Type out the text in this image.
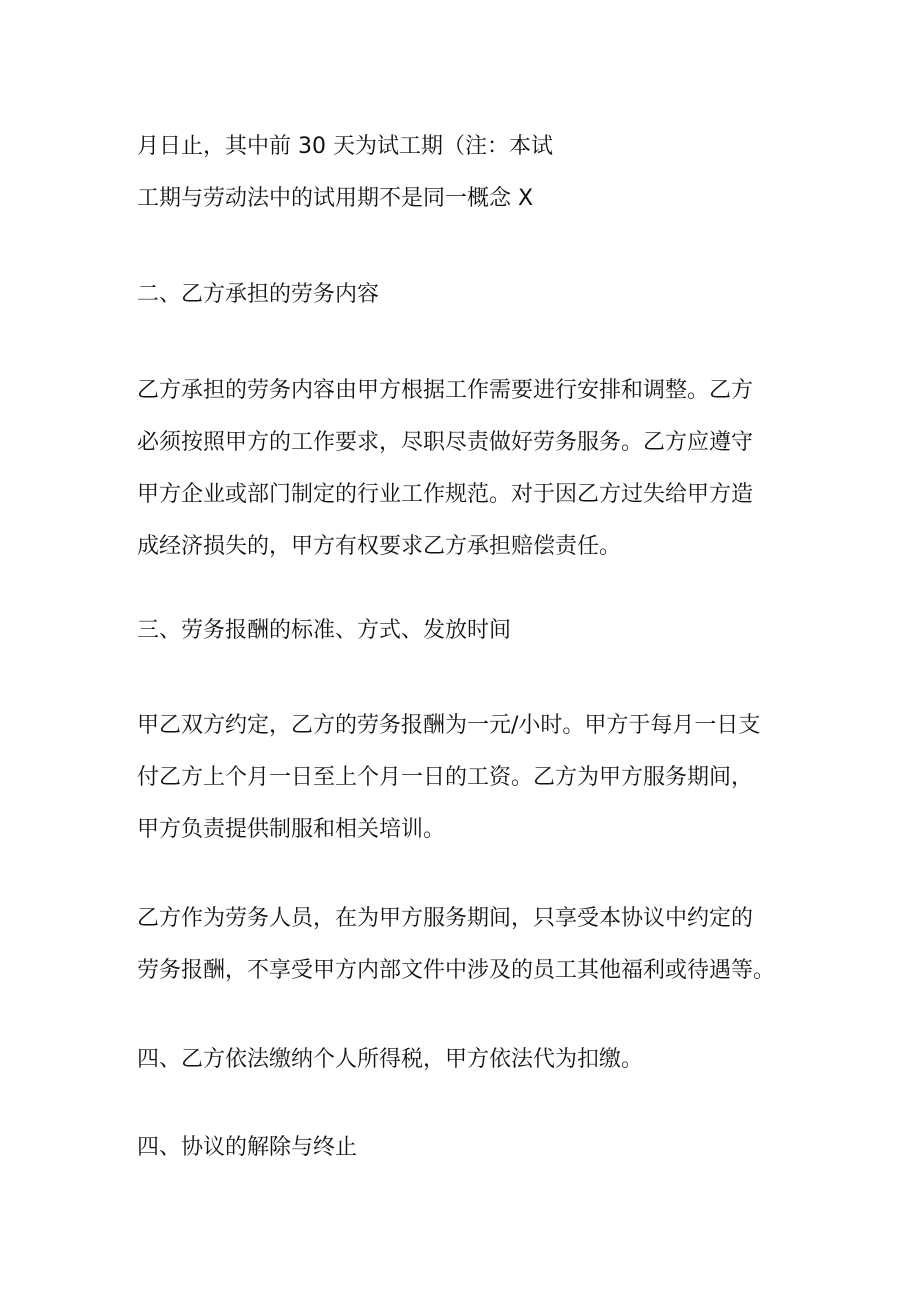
月日止，其中前 30 天为试工期（注：本试
工期与劳动法中的试用期不是同一概念 X
二、乙方承担的劳务内容
乙方承担的劳务内容由甲方根据工作需要进行安排和调整。乙方
必须按照甲方的工作要求，尽职尽责做好劳务服务。乙方应遵守
甲方企业或部门制定的行业工作规范。对于因乙方过失给甲方造
成经济损失的，甲方有权要求乙方承担赔偿责任。
三、劳务报酬的标准、方式、发放时间
甲乙双方约定，乙方的劳务报酬为一元/小时。甲方于每月一日支
付乙方上个月一日至上个月一日的工资。乙方为甲方服务期间，
甲方负责提供制服和相关培训。
乙方作为劳务人员，在为甲方服务期间，只享受本协议中约定的
劳务报酬，不享受甲方内部文件中涉及的员工其他福利或待遇等。
四、乙方依法缴纳个人所得税，甲方依法代为扣缴。
四、协议的解除与终止
